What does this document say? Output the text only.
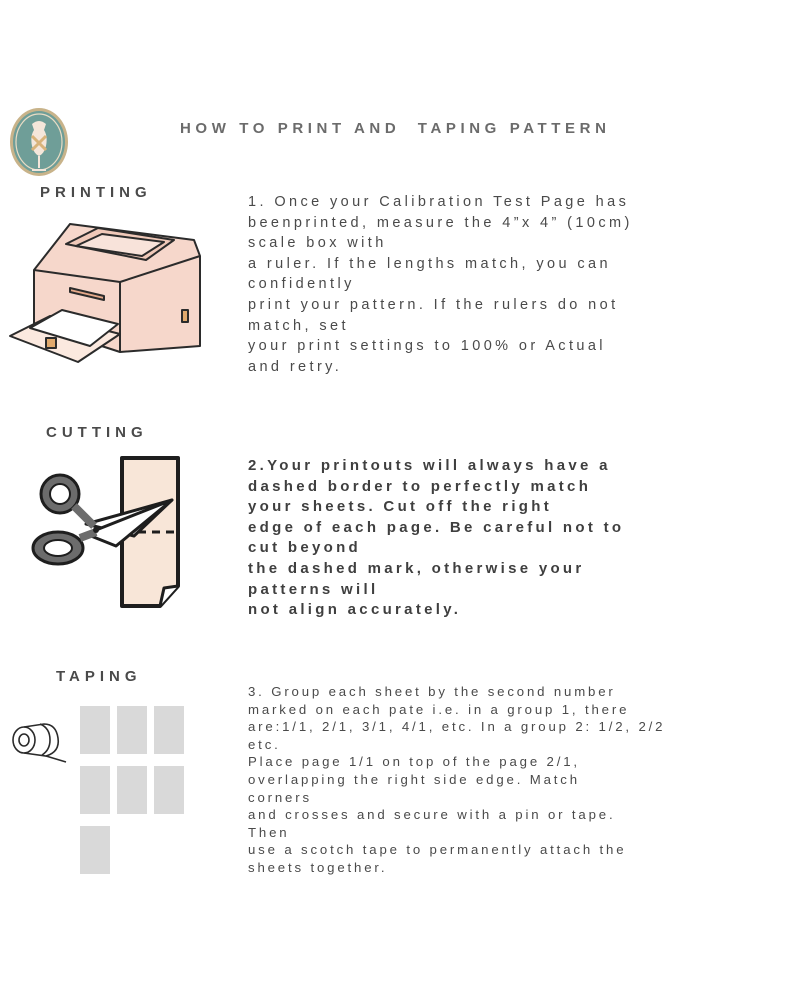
HOW TO PRINT AND  TAPING PATTERN
PRINTING
1. Once your Calibration Test Page has
beenprinted, measure the 4”x 4” (10cm)
scale box with
a ruler. If the lengths match, you can
confidently
print your pattern. If the rulers do not
match, set
your print settings to 100% or Actual
and retry.
CUTTING
2.Your printouts will always have a
dashed border to perfectly match
your sheets. Cut off the right
edge of each page. Be careful not to
cut beyond
the dashed mark, otherwise your
patterns will
not align accurately.
TAPING
3. Group each sheet by the second number
marked on each pate i.e. in a group 1, there
are:1/1, 2/1, 3/1, 4/1, etc. In a group 2: 1/2, 2/2
etc.
Place page 1/1 on top of the page 2/1,
overlapping the right side edge. Match
corners
and crosses and secure with a pin or tape.
Then
use a scotch tape to permanently attach the
sheets together.
